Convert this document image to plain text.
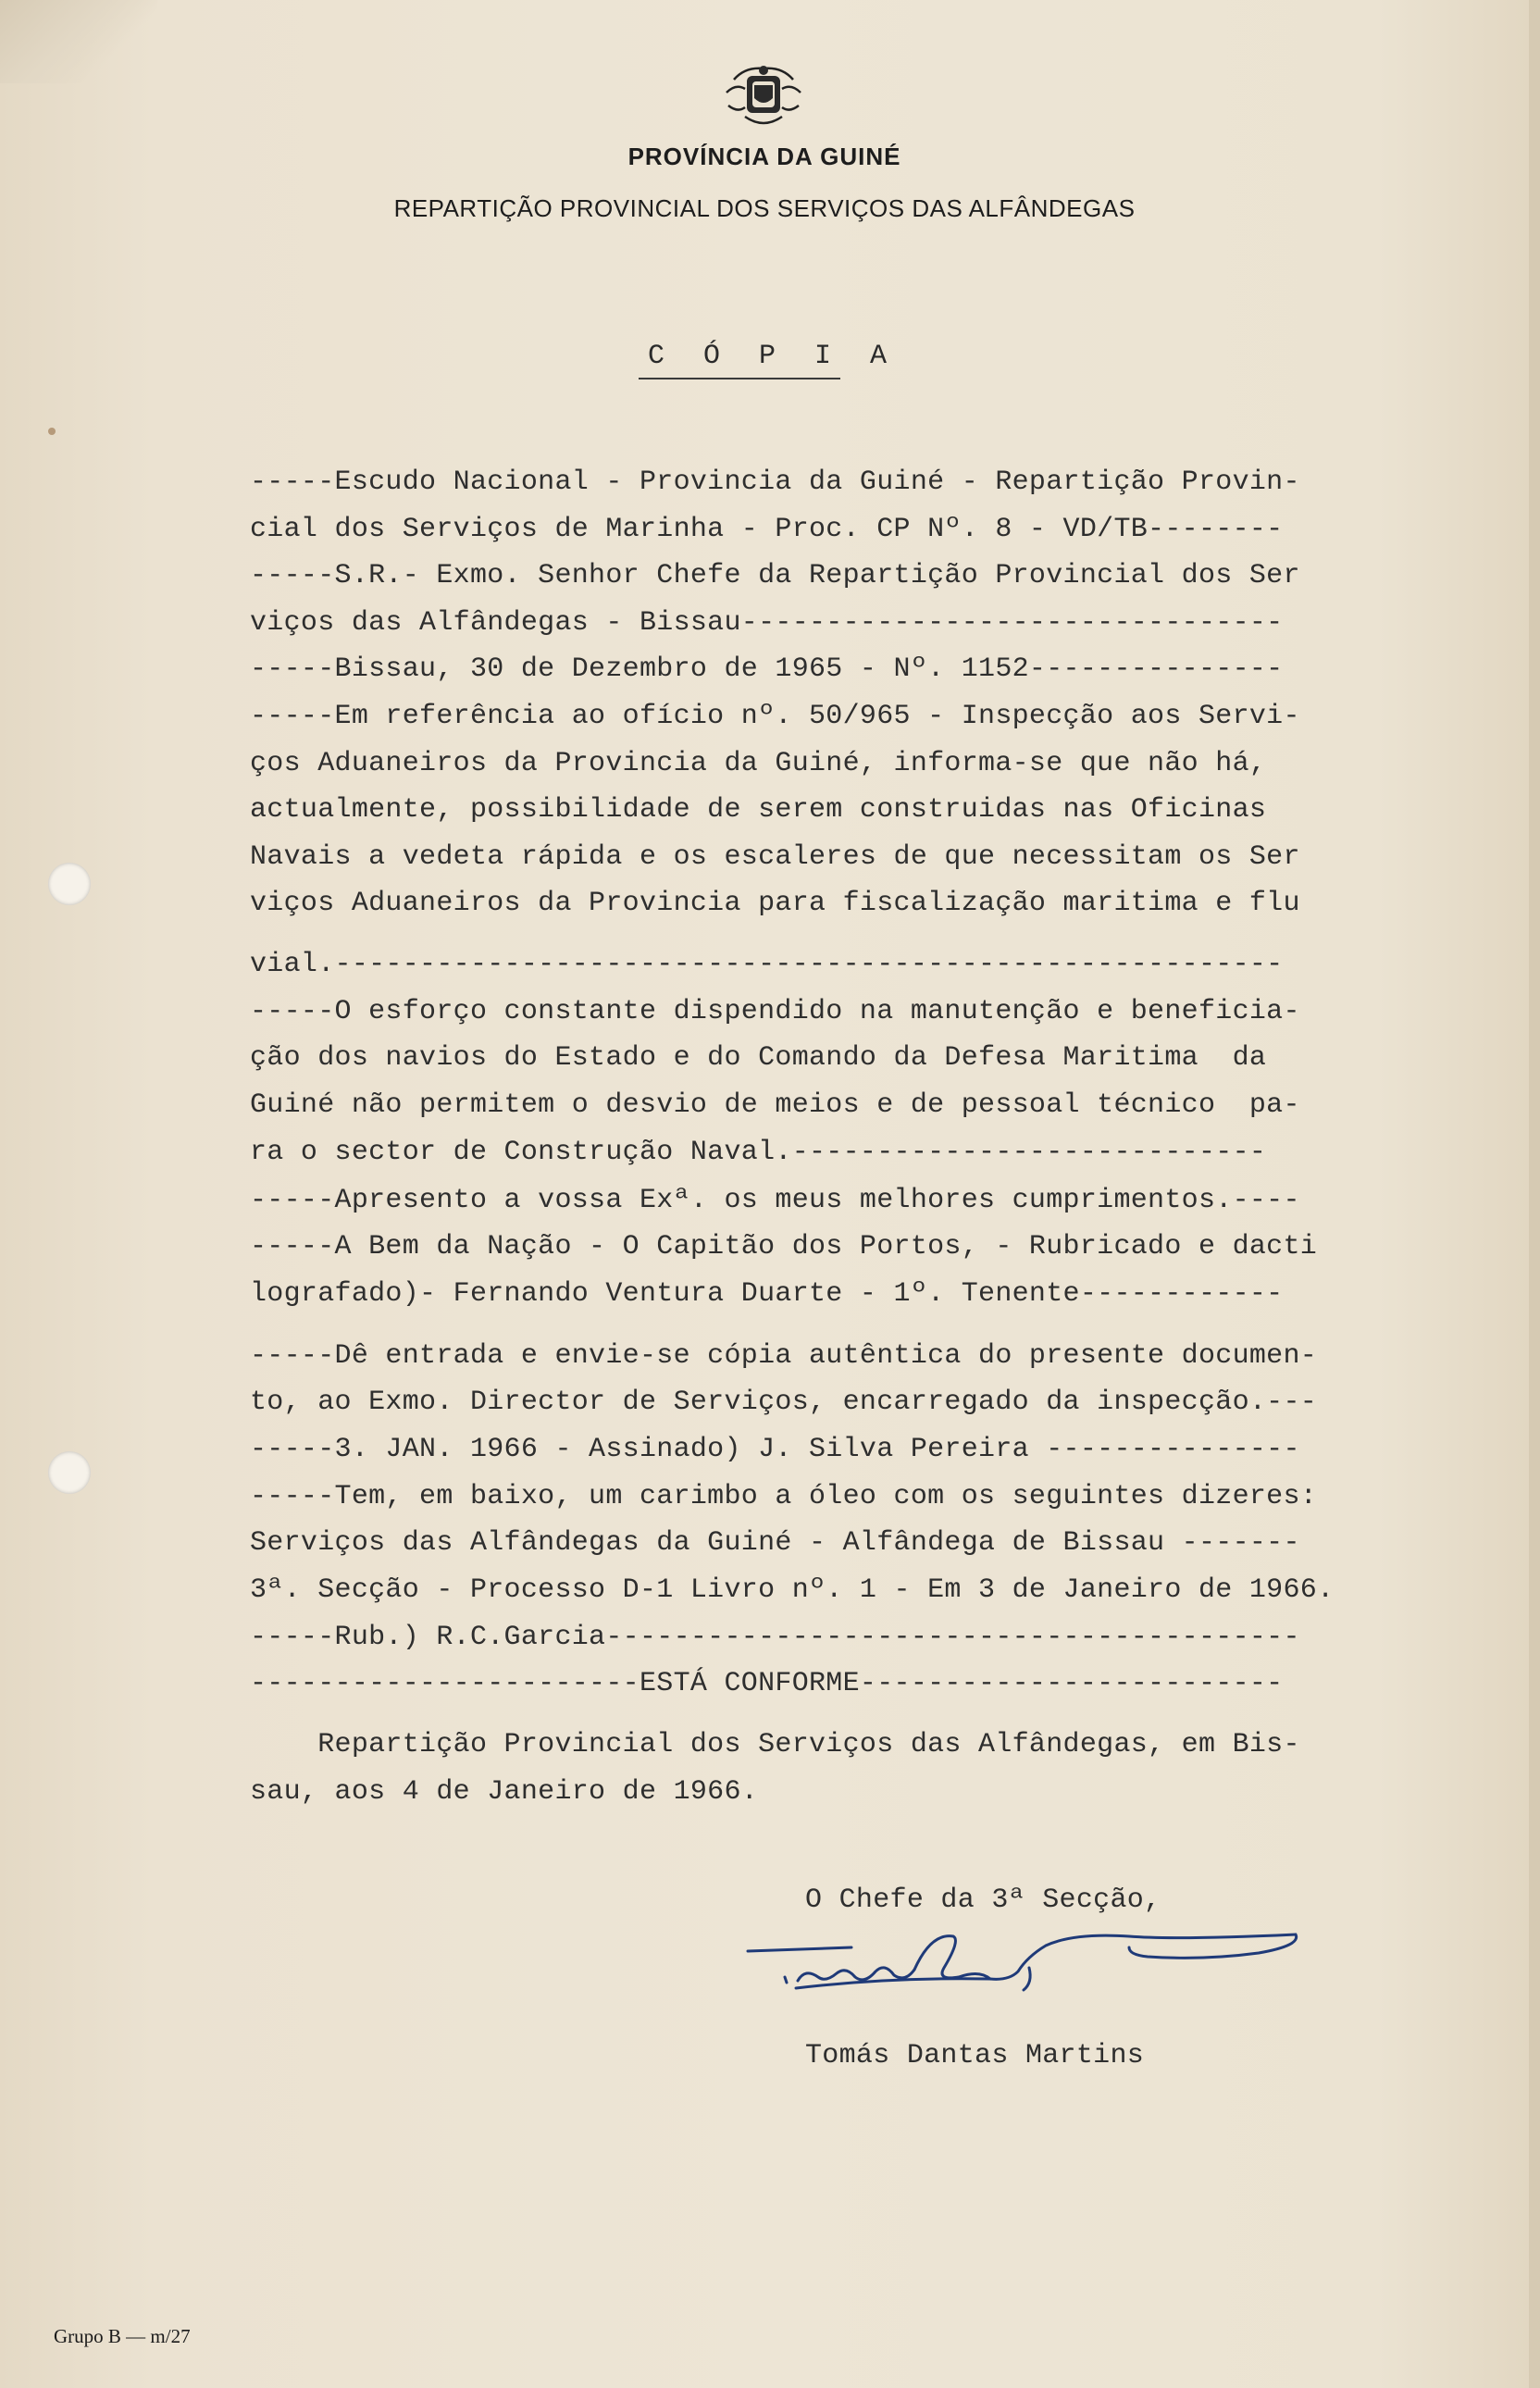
PROVÍNCIA DA GUINÉ
REPARTIÇÃO PROVINCIAL DOS SERVIÇOS DAS ALFÂNDEGAS
C Ó P I A
-----Escudo Nacional - Provincia da Guiné - Repartição Provin-
cial dos Serviços de Marinha - Proc. CP Nº. 8 - VD/TB--------
-----S.R.- Exmo. Senhor Chefe da Repartição Provincial dos Ser
viços das Alfândegas - Bissau--------------------------------
-----Bissau, 30 de Dezembro de 1965 - Nº. 1152---------------
-----Em referência ao ofício nº. 50/965 - Inspecção aos Servi-
ços Aduaneiros da Provincia da Guiné, informa-se que não há,
actualmente, possibilidade de serem construidas nas Oficinas
Navais a vedeta rápida e os escaleres de que necessitam os Ser
viços Aduaneiros da Provincia para fiscalização maritima e flu
vial.--------------------------------------------------------
-----O esforço constante dispendido na manutenção e beneficia-
ção dos navios do Estado e do Comando da Defesa Maritima  da
Guiné não permitem o desvio de meios e de pessoal técnico  pa-
ra o sector de Construção Naval.----------------------------
-----Apresento a vossa Exª. os meus melhores cumprimentos.----
-----A Bem da Nação - O Capitão dos Portos, - Rubricado e dacti
lografado)- Fernando Ventura Duarte - 1º. Tenente------------
-----Dê entrada e envie-se cópia autêntica do presente documen-
to, ao Exmo. Director de Serviços, encarregado da inspecção.---
-----3. JAN. 1966 - Assinado) J. Silva Pereira ---------------
-----Tem, em baixo, um carimbo a óleo com os seguintes dizeres:
Serviços das Alfândegas da Guiné - Alfândega de Bissau -------
3ª. Secção - Processo D-1 Livro nº. 1 - Em 3 de Janeiro de 1966.
-----Rub.) R.C.Garcia-----------------------------------------
-----------------------ESTÁ CONFORME-------------------------
Repartição Provincial dos Serviços das Alfândegas, em Bis-
sau, aos 4 de Janeiro de 1966.
O Chefe da 3ª Secção,
Tomás Dantas Martins
Grupo B — m/27
